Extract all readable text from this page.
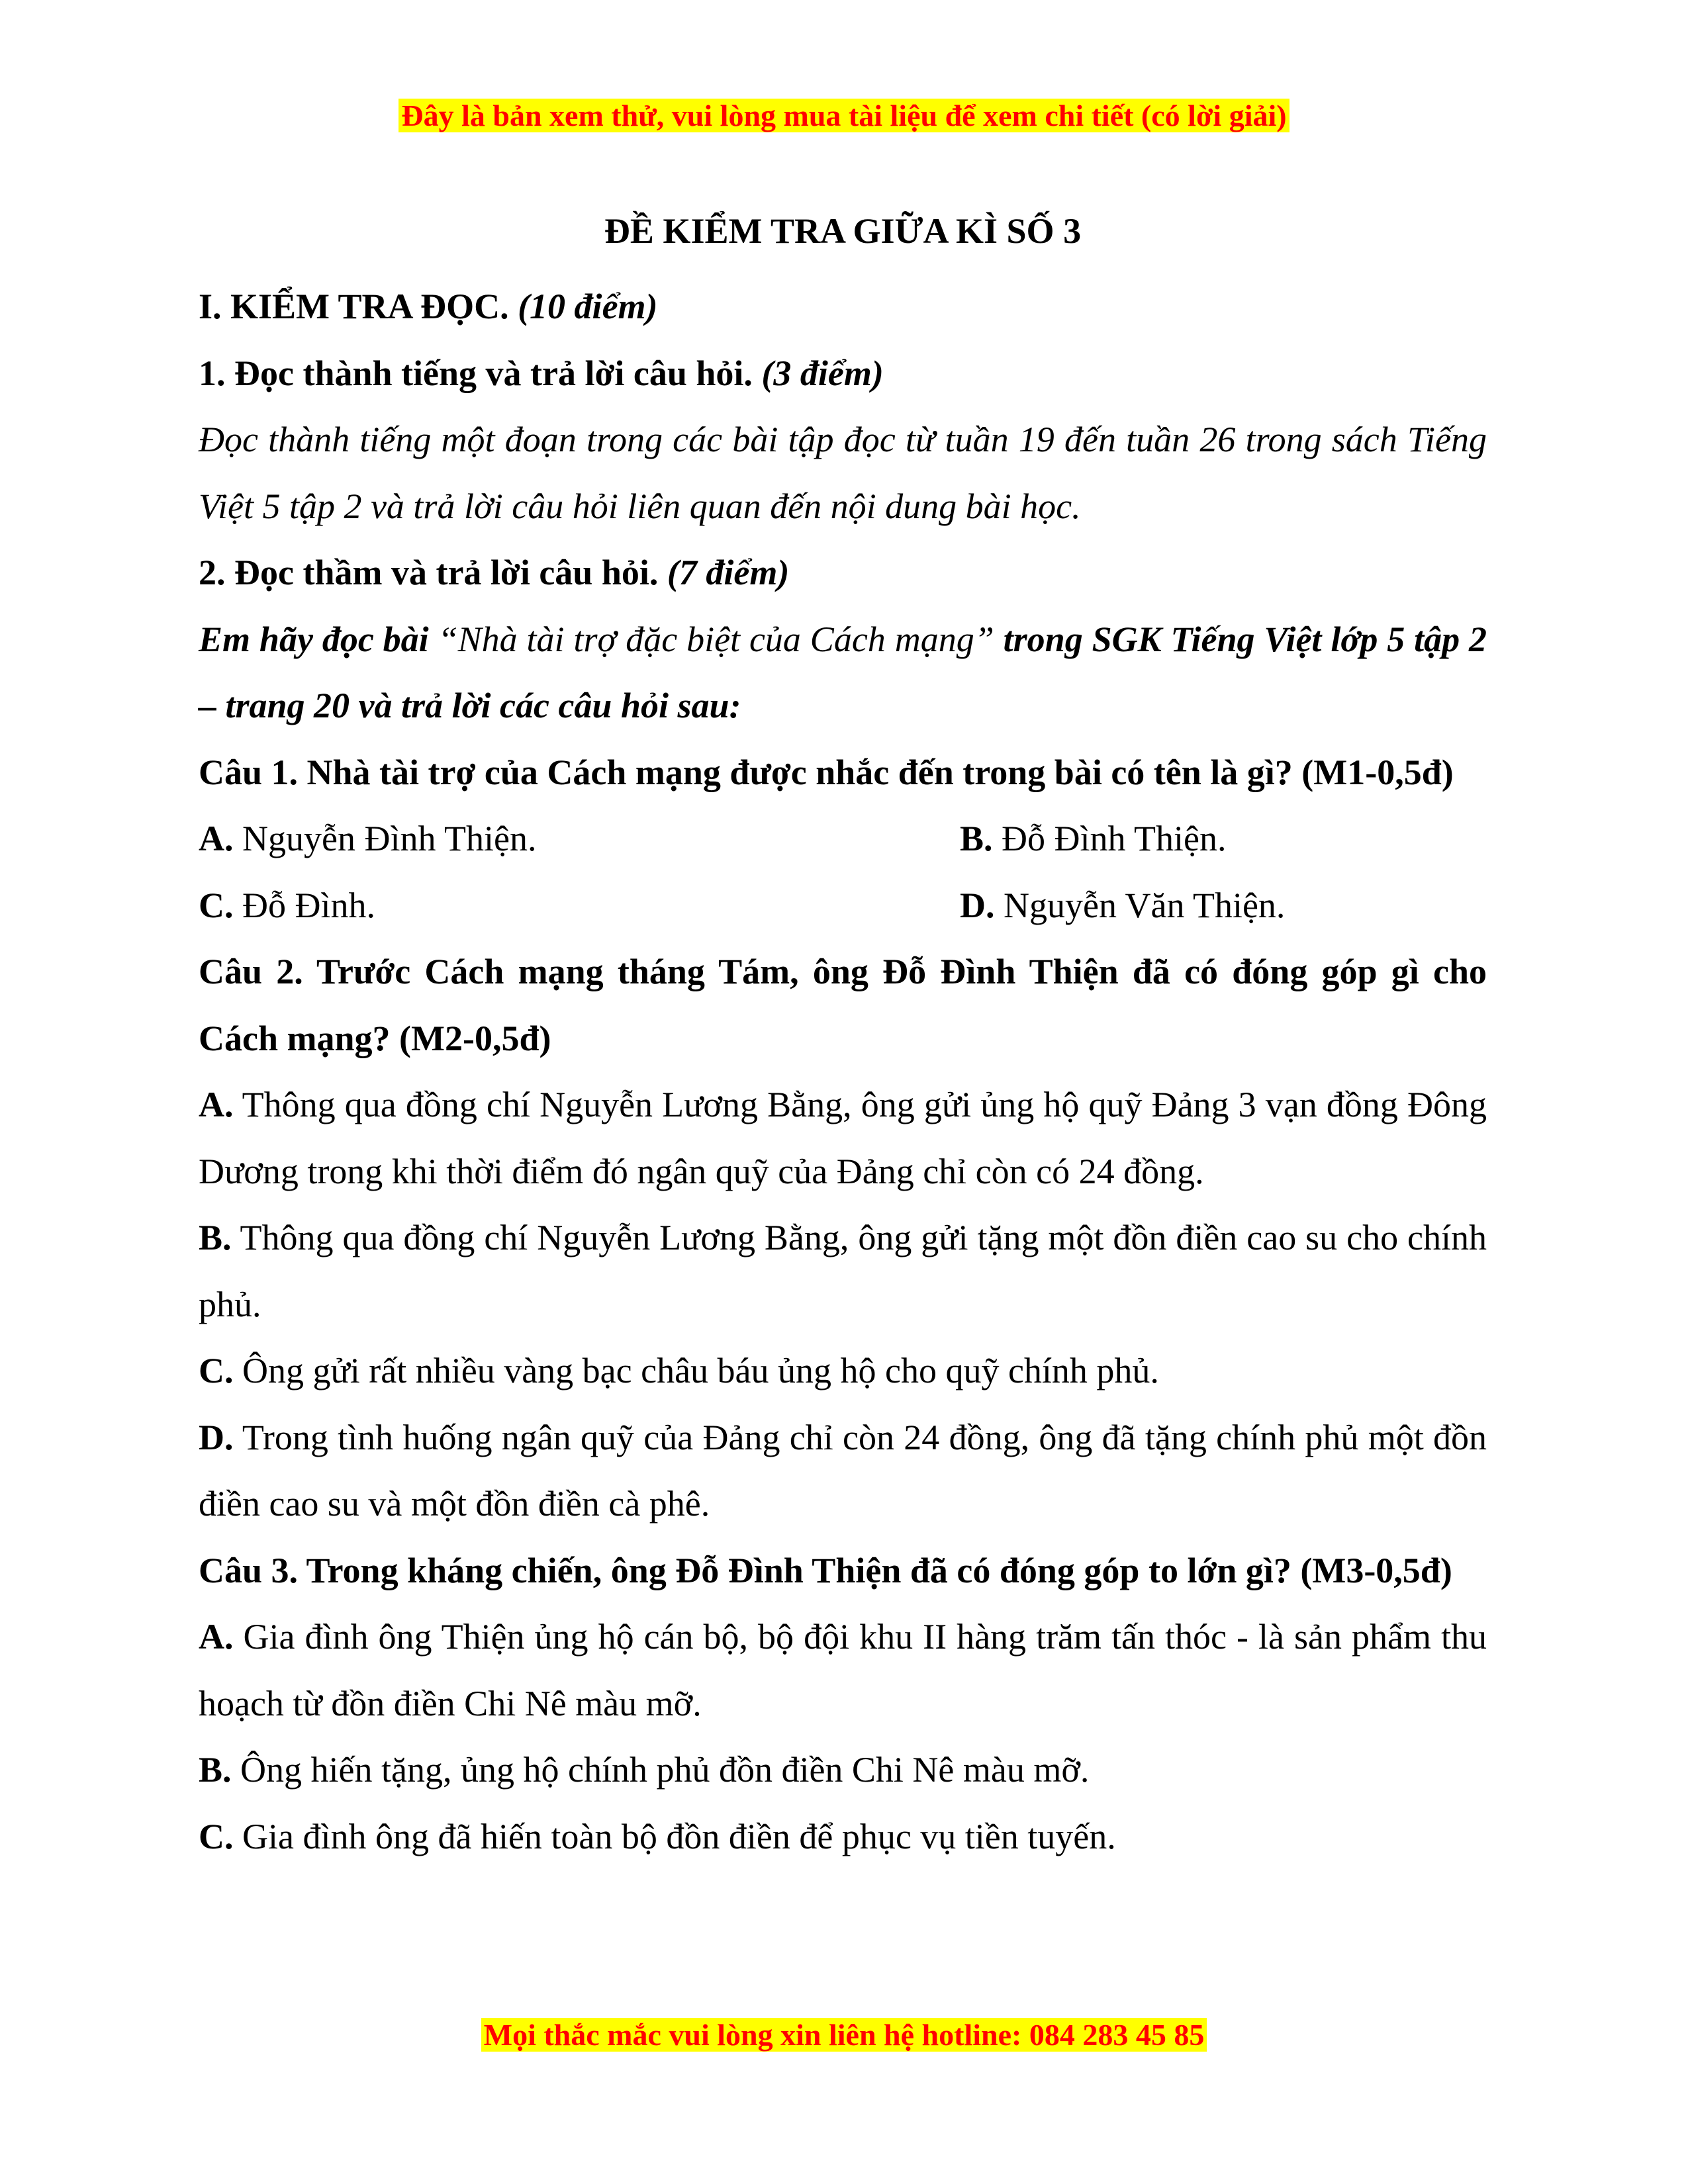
Đây là bản xem thử, vui lòng mua tài liệu để xem chi tiết (có lời giải)

ĐỀ KIỂM TRA GIỮA KÌ SỐ 3

I. KIỂM TRA ĐỌC. (10 điểm)

1. Đọc thành tiếng và trả lời câu hỏi. (3 điểm)

Đọc thành tiếng một đoạn trong các bài tập đọc từ tuần 19 đến tuần 26 trong sách Tiếng Việt 5 tập 2 và trả lời câu hỏi liên quan đến nội dung bài học.

2. Đọc thầm và trả lời câu hỏi. (7 điểm)

Em hãy đọc bài “Nhà tài trợ đặc biệt của Cách mạng” trong SGK Tiếng Việt lớp 5 tập 2 – trang 20 và trả lời các câu hỏi sau:

Câu 1. Nhà tài trợ của Cách mạng được nhắc đến trong bài có tên là gì? (M1-0,5đ)

A. Nguyễn Đình Thiện.	B. Đỗ Đình Thiện.
C. Đỗ Đình.	D. Nguyễn Văn Thiện.

Câu 2. Trước Cách mạng tháng Tám, ông Đỗ Đình Thiện đã có đóng góp gì cho Cách mạng? (M2-0,5đ)

A. Thông qua đồng chí Nguyễn Lương Bằng, ông gửi ủng hộ quỹ Đảng 3 vạn đồng Đông Dương trong khi thời điểm đó ngân quỹ của Đảng chỉ còn có 24 đồng.

B. Thông qua đồng chí Nguyễn Lương Bằng, ông gửi tặng một đồn điền cao su cho chính phủ.

C. Ông gửi rất nhiều vàng bạc châu báu ủng hộ cho quỹ chính phủ.

D. Trong tình huống ngân quỹ của Đảng chỉ còn 24 đồng, ông đã tặng chính phủ một đồn điền cao su và một đồn điền cà phê.

Câu 3. Trong kháng chiến, ông Đỗ Đình Thiện đã có đóng góp to lớn gì? (M3-0,5đ)

A. Gia đình ông Thiện ủng hộ cán bộ, bộ đội khu II hàng trăm tấn thóc - là sản phẩm thu hoạch từ đồn điền Chi Nê màu mỡ.

B. Ông hiến tặng, ủng hộ chính phủ đồn điền Chi Nê màu mỡ.

C. Gia đình ông đã hiến toàn bộ đồn điền để phục vụ tiền tuyến.

Mọi thắc mắc vui lòng xin liên hệ hotline: 084 283 45 85
